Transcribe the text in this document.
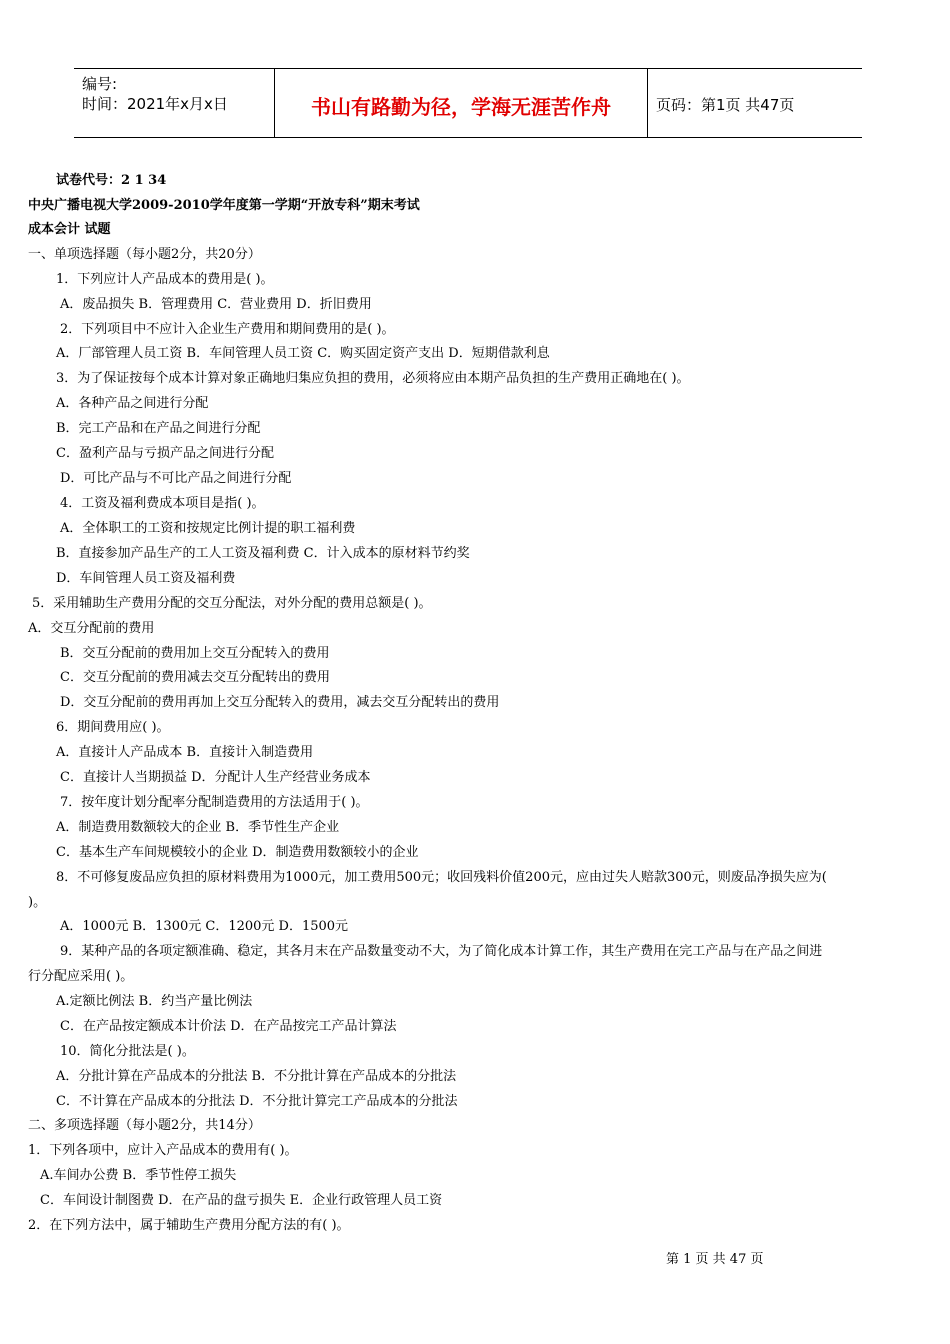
编号:
时间：2021年x月x日	书山有路勤为径，学海无涯苦作舟	页码：第1页 共47页
试卷代号：2 1 34
中央广播电视大学2009-2010学年度第一学期“开放专科”期末考试
成本会计 试题
一、单项选择题（每小题2分，共20分）
1．下列应计人产品成本的费用是( )。
A．废品损失 B．管理费用 C．营业费用 D．折旧费用
2．下列项目中不应计入企业生产费用和期间费用的是( )。
A．厂部管理人员工资 B．车间管理人员工资 C．购买固定资产支出 D．短期借款利息
3．为了保证按每个成本计算对象正确地归集应负担的费用，必须将应由本期产品负担的生产费用正确地在( )。
A．各种产品之间进行分配
B．完工产品和在产品之间进行分配
C．盈利产品与亏损产品之间进行分配
D．可比产品与不可比产品之间进行分配
4．工资及福利费成本项目是指( )。
A．全体职工的工资和按规定比例计提的职工福利费
B．直接参加产品生产的工人工资及福利费 C．计入成本的原材料节约奖
D．车间管理人员工资及福利费
5．采用辅助生产费用分配的交互分配法，对外分配的费用总额是( )。
A．交互分配前的费用
B．交互分配前的费用加上交互分配转入的费用
C．交互分配前的费用减去交互分配转出的费用
D．交互分配前的费用再加上交互分配转入的费用，减去交互分配转出的费用
6．期间费用应( )。
A．直接计人产品成本 B．直接计入制造费用
C．直接计人当期损益 D．分配计人生产经营业务成本
7．按年度计划分配率分配制造费用的方法适用于( )。
A．制造费用数额较大的企业 B．季节性生产企业
C．基本生产车间规模较小的企业 D．制造费用数额较小的企业
8．不可修复废品应负担的原材料费用为1000元，加工费用500元；收回残料价值200元，应由过失人赔款300元，则废品净损失应为(
)。
A．1000元 B．1300元 C．1200元 D．1500元
9．某种产品的各项定额准确、稳定，其各月末在产品数量变动不大，为了简化成本计算工作，其生产费用在完工产品与在产品之间进
行分配应采用( )。
A.定额比例法 B．约当产量比例法
C．在产品按定额成本计价法 D．在产品按完工产品计算法
10．简化分批法是( )。
A．分批计算在产品成本的分批法 B．不分批计算在产品成本的分批法
C．不计算在产品成本的分批法 D．不分批计算完工产品成本的分批法
二、多项选择题（每小题2分，共14分）
1．下列各项中，应计入产品成本的费用有( )。
A.车间办公费 B．季节性停工损失
C．车间设计制图费 D．在产品的盘亏损失 E．企业行政管理人员工资
2．在下列方法中，属于辅助生产费用分配方法的有( )。
第 1 页 共 47 页
